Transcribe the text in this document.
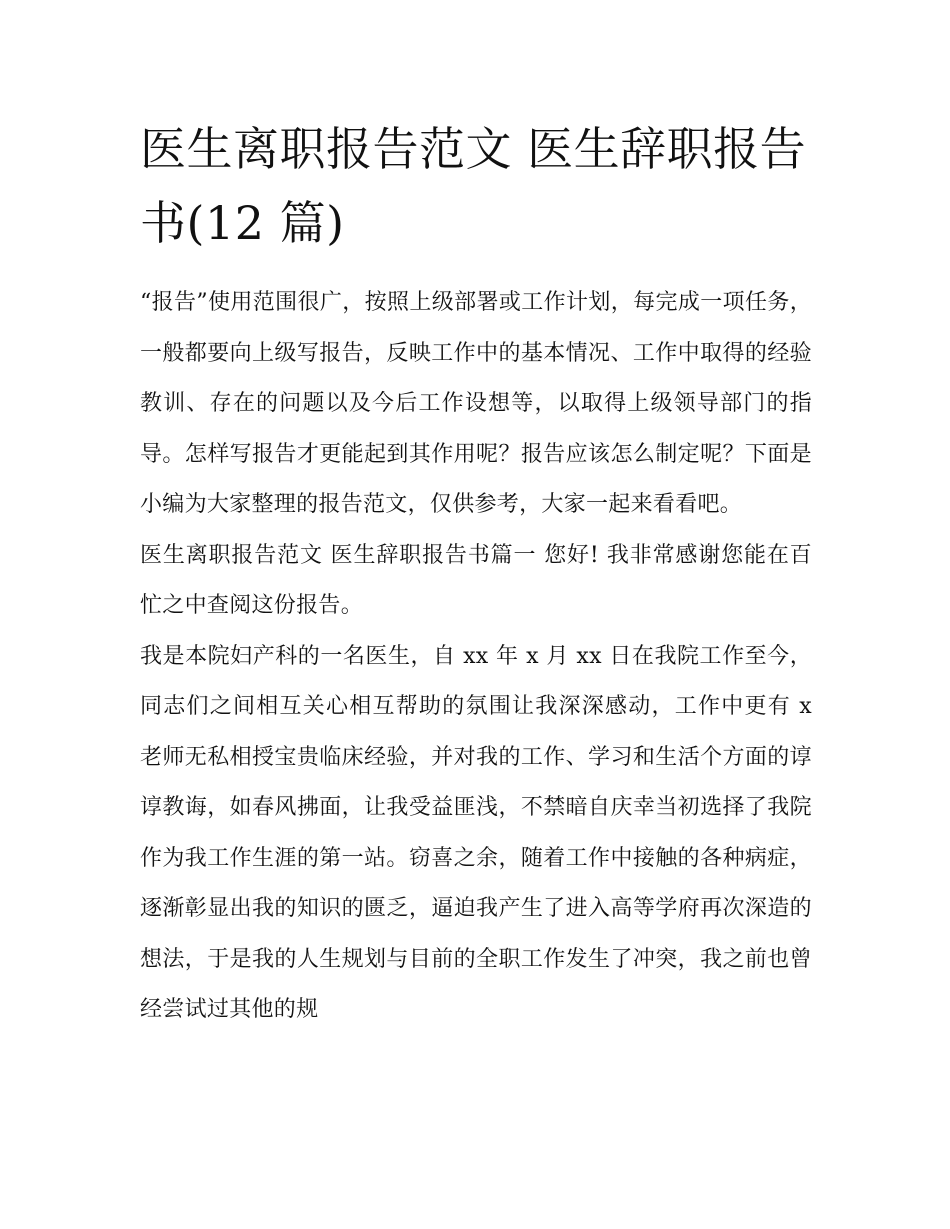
医生离职报告范文 医生辞职报告书(12 篇)

“报告”使用范围很广，按照上级部署或工作计划，每完成一项任务，一般都要向上级写报告，反映工作中的基本情况、工作中取得的经验教训、存在的问题以及今后工作设想等，以取得上级领导部门的指导。怎样写报告才更能起到其作用呢？报告应该怎么制定呢？下面是小编为大家整理的报告范文，仅供参考，大家一起来看看吧。

医生离职报告范文 医生辞职报告书篇一 您好! 我非常感谢您能在百忙之中查阅这份报告。

我是本院妇产科的一名医生，自 xx 年 x 月 xx 日在我院工作至今，同志们之间相互关心相互帮助的氛围让我深深感动，工作中更有 x 老师无私相授宝贵临床经验，并对我的工作、学习和生活个方面的谆谆教诲，如春风拂面，让我受益匪浅，不禁暗自庆幸当初选择了我院作为我工作生涯的第一站。窃喜之余，随着工作中接触的各种病症，逐渐彰显出我的知识的匮乏，逼迫我产生了进入高等学府再次深造的想法，于是我的人生规划与目前的全职工作发生了冲突，我之前也曾经尝试过其他的规
